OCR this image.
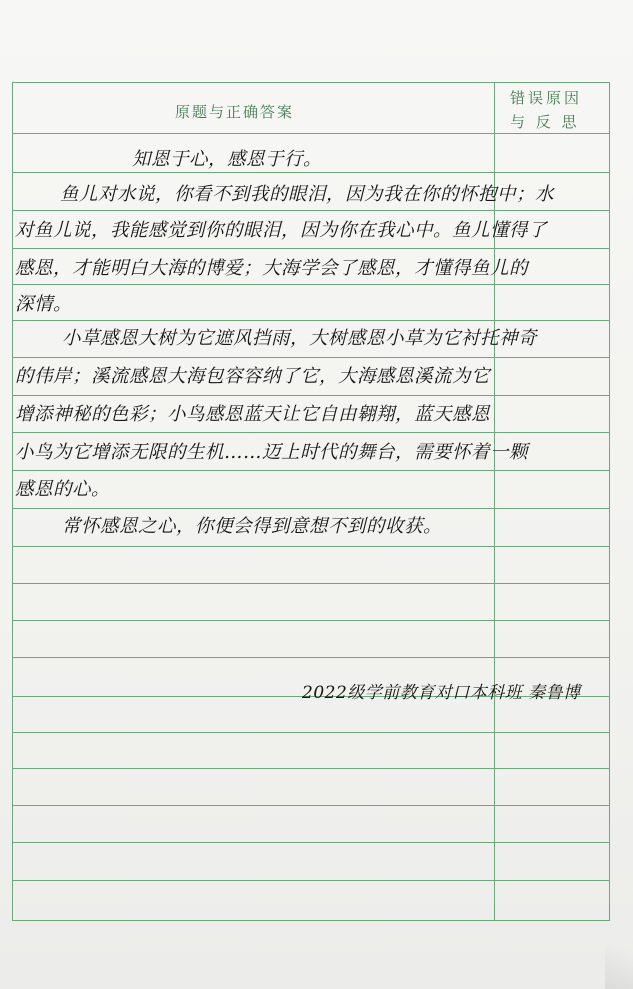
原题与正确答案
错误原因
与 反 思
知恩于心，感恩于行。
鱼儿对水说，你看不到我的眼泪，因为我在你的怀抱中；水
对鱼儿说，我能感觉到你的眼泪，因为你在我心中。鱼儿懂得了
感恩，才能明白大海的博爱；大海学会了感恩，才懂得鱼儿的
深情。
小草感恩大树为它遮风挡雨，大树感恩小草为它衬托神奇
的伟岸；溪流感恩大海包容容纳了它，大海感恩溪流为它
增添神秘的色彩；小鸟感恩蓝天让它自由翱翔，蓝天感恩
小鸟为它增添无限的生机……迈上时代的舞台，需要怀着一颗
感恩的心。
常怀感恩之心，你便会得到意想不到的收获。
2022级学前教育对口本科班 秦鲁博
